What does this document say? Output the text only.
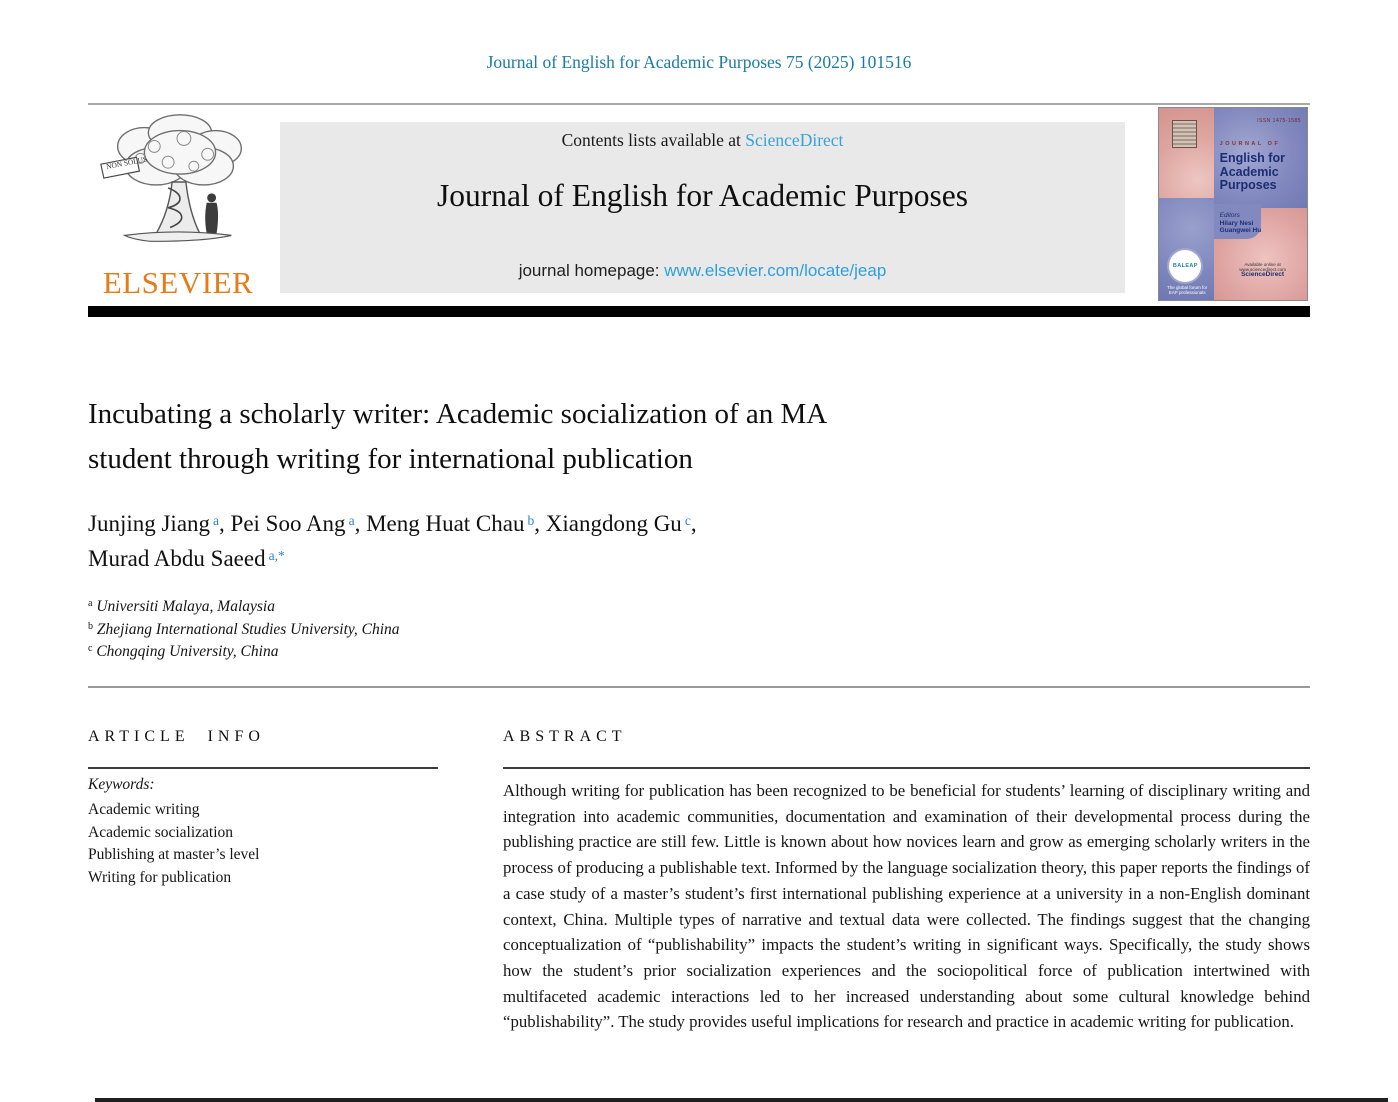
Journal of English for Academic Purposes 75 (2025) 101516
NON SOLUS
ELSEVIER
Contents lists available at ScienceDirect
Journal of English for Academic Purposes
journal homepage: www.elsevier.com/locate/jeap
ISSN 1475-1585
JOURNAL OF
English for
Academic
Purposes
Editors
Hilary Nesi
Guangwei Hu
BALEAP
The global forum for EAP professionals
Available online at www.sciencedirect.com
ScienceDirect
Incubating a scholarly writer: Academic socialization of an MA
student through writing for international publication
Junjing Jiang $^a$, Pei Soo Ang $^a$, Meng Huat Chau $^b$, Xiangdong Gu $^c$,
Murad Abdu Saeed $^{a,*}$
$^a$ Universiti Malaya, Malaysia
$^b$ Zhejiang International Studies University, China
$^c$ Chongqing University, China
ARTICLE INFO	ABSTRACT
Keywords:
Academic writing
Academic socialization
Publishing at master’s level
Writing for publication

Although writing for publication has been recognized to be beneficial for students’ learning of disciplinary writing and integration into academic communities, documentation and examination of their developmental process during the publishing practice are still few. Little is known about how novices learn and grow as emerging scholarly writers in the process of producing a publishable text. Informed by the language socialization theory, this paper reports the findings of a case study of a master’s student’s first international publishing experience at a university in a non-English dominant context, China. Multiple types of narrative and textual data were collected. The findings suggest that the changing conceptualization of “publishability” impacts the student’s writing in significant ways. Specifically, the study shows how the student’s prior socialization experiences and the sociopolitical force of publication intertwined with multifaceted academic interactions led to her increased understanding about some cultural knowledge behind “publishability”. The study provides useful implications for research and practice in academic writing for publication.
